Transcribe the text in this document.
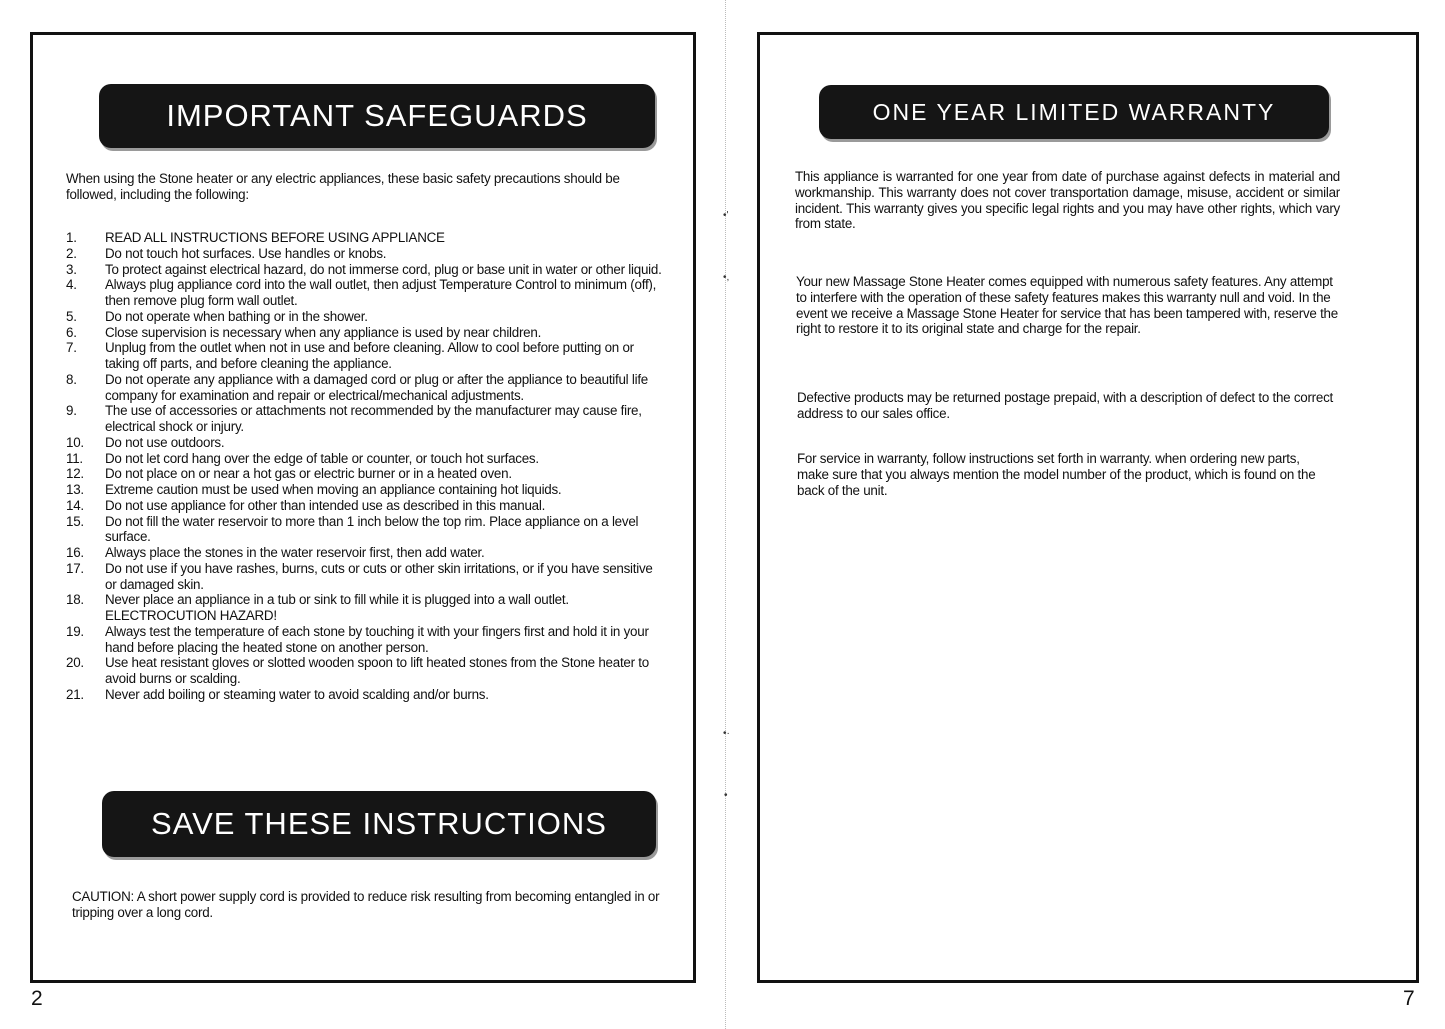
•'
•,
•·
•
IMPORTANT SAFEGUARDS
When using the Stone heater or any electric appliances, these basic safety precautions should be followed, including the following:
1.	READ ALL INSTRUCTIONS BEFORE USING APPLIANCE
2.	Do not touch hot surfaces. Use handles or knobs.
3.	To protect against electrical hazard, do not immerse cord, plug or base unit in water or other liquid.
4.	Always plug appliance cord into the wall outlet, then adjust Temperature Control to minimum (off), then remove plug form wall outlet.
5.	Do not operate when bathing or in the shower.
6.	Close supervision is necessary when any appliance is used by near children.
7.	Unplug from the outlet when not in use and before cleaning. Allow to cool before putting on or taking off parts, and before cleaning the appliance.
8.	Do not operate any appliance with a damaged cord or plug or after the appliance to beautiful life company for examination and repair or electrical/mechanical adjustments.
9.	The use of accessories or attachments not recommended by the manufacturer may cause fire, electrical shock or injury.
10.	Do not use outdoors.
11.	Do not let cord hang over the edge of table or counter, or touch hot surfaces.
12.	Do not place on or near a hot gas or electric burner or in a heated oven.
13.	Extreme caution must be used when moving an appliance containing hot liquids.
14.	Do not use appliance for other than intended use as described in this manual.
15.	Do not fill the water reservoir to more than 1 inch below the top rim. Place appliance on a level surface.
16.	Always place the stones in the water reservoir first, then add water.
17.	Do not use if you have rashes, burns, cuts or cuts or other skin irritations, or if you have sensitive or damaged skin.
18.	Never place an appliance in a tub or sink to fill while it is plugged into a wall outlet. ELECTROCUTION HAZARD!
19.	Always test the temperature of each stone by touching it with your fingers first and hold it in your hand before placing the heated stone on another person.
20.	Use heat resistant gloves or slotted wooden spoon to lift heated stones from the Stone heater to avoid burns or scalding.
21.	Never add boiling or steaming water to avoid scalding and/or burns.
SAVE THESE INSTRUCTIONS
CAUTION: A short power supply cord is provided to reduce risk resulting from becoming entangled in or tripping over a long cord.
2
ONE YEAR LIMITED WARRANTY
This appliance is warranted for one year from date of purchase against defects in material and workmanship. This warranty does not cover transportation damage, misuse, accident or similar incident. This warranty gives you specific legal rights and you may have other rights, which vary from state.
Your new Massage Stone Heater comes equipped with numerous safety features. Any attempt to interfere with the operation of these safety features makes this warranty null and void. In the event we receive a Massage Stone Heater for service that has been tampered with, reserve the right to restore it to its original state and charge for the repair.
Defective products may be returned postage prepaid, with a description of defect to the correct address to our sales office.
For service in warranty, follow instructions set forth in warranty. when ordering new parts, make sure that you always mention the model number of the product, which is found on the back of the unit.
7
